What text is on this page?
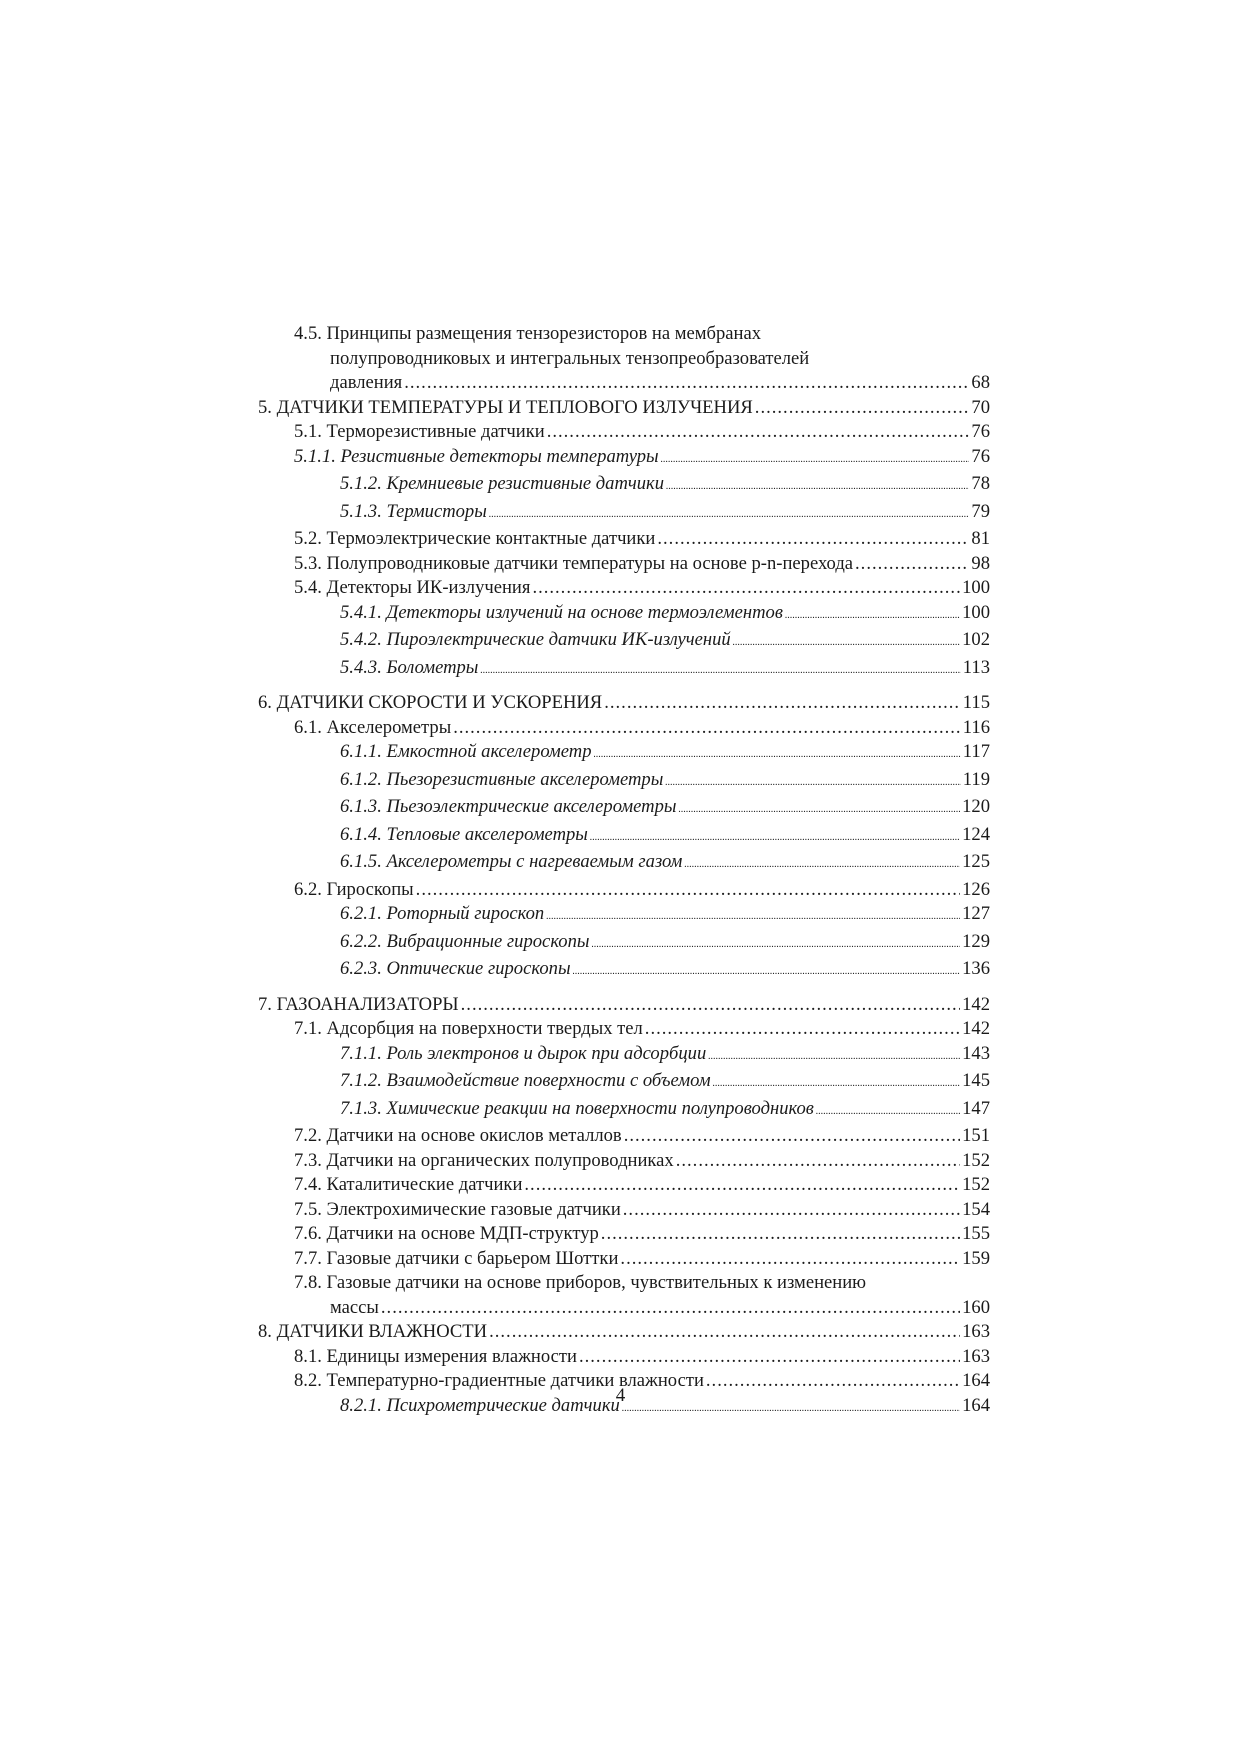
4.5. Принципы размещения тензорезисторов на мембранах
полупроводниковых и интегральных тензопреобразователей
давления .....	68
5. ДАТЧИКИ ТЕМПЕРАТУРЫ И ТЕПЛОВОГО ИЗЛУЧЕНИЯ .....	70
5.1. Терморезистивные датчики .....	76
5.1.1. Резистивные детекторы температуры .....	76
5.1.2. Кремниевые резистивные датчики .....	78
5.1.3. Термисторы .....	79
5.2. Термоэлектрические контактные датчики .....	81
5.3. Полупроводниковые датчики температуры на основе p-n-перехода .....	98
5.4. Детекторы ИК-излучения .....	100
5.4.1. Детекторы излучений на основе термоэлементов .....	100
5.4.2. Пироэлектрические датчики ИК-излучений .....	102
5.4.3. Болометры .....	113
6. ДАТЧИКИ СКОРОСТИ И УСКОРЕНИЯ .....	115
6.1. Акселерометры .....	116
6.1.1. Емкостной акселерометр .....	117
6.1.2. Пьезорезистивные акселерометры .....	119
6.1.3. Пьезоэлектрические акселерометры .....	120
6.1.4. Тепловые акселерометры .....	124
6.1.5. Акселерометры с нагреваемым газом .....	125
6.2. Гироскопы .....	126
6.2.1. Роторный гироскоп .....	127
6.2.2. Вибрационные гироскопы .....	129
6.2.3. Оптические гироскопы .....	136
7. ГАЗОАНАЛИЗАТОРЫ .....	142
7.1. Адсорбция на поверхности твердых тел .....	142
7.1.1. Роль электронов и дырок при адсорбции .....	143
7.1.2. Взаимодействие поверхности с объемом .....	145
7.1.3. Химические реакции на поверхности полупроводников .....	147
7.2. Датчики на основе окислов металлов .....	151
7.3. Датчики на органических полупроводниках .....	152
7.4. Каталитические датчики .....	152
7.5. Электрохимические газовые датчики .....	154
7.6. Датчики на основе МДП-структур .....	155
7.7. Газовые датчики с барьером Шоттки .....	159
7.8. Газовые датчики на основе приборов, чувствительных к изменению
массы .....	160
8. ДАТЧИКИ ВЛАЖНОСТИ .....	163
8.1. Единицы измерения влажности .....	163
8.2. Температурно-градиентные датчики влажности .....	164
8.2.1. Психрометрические датчики .....	164
4
